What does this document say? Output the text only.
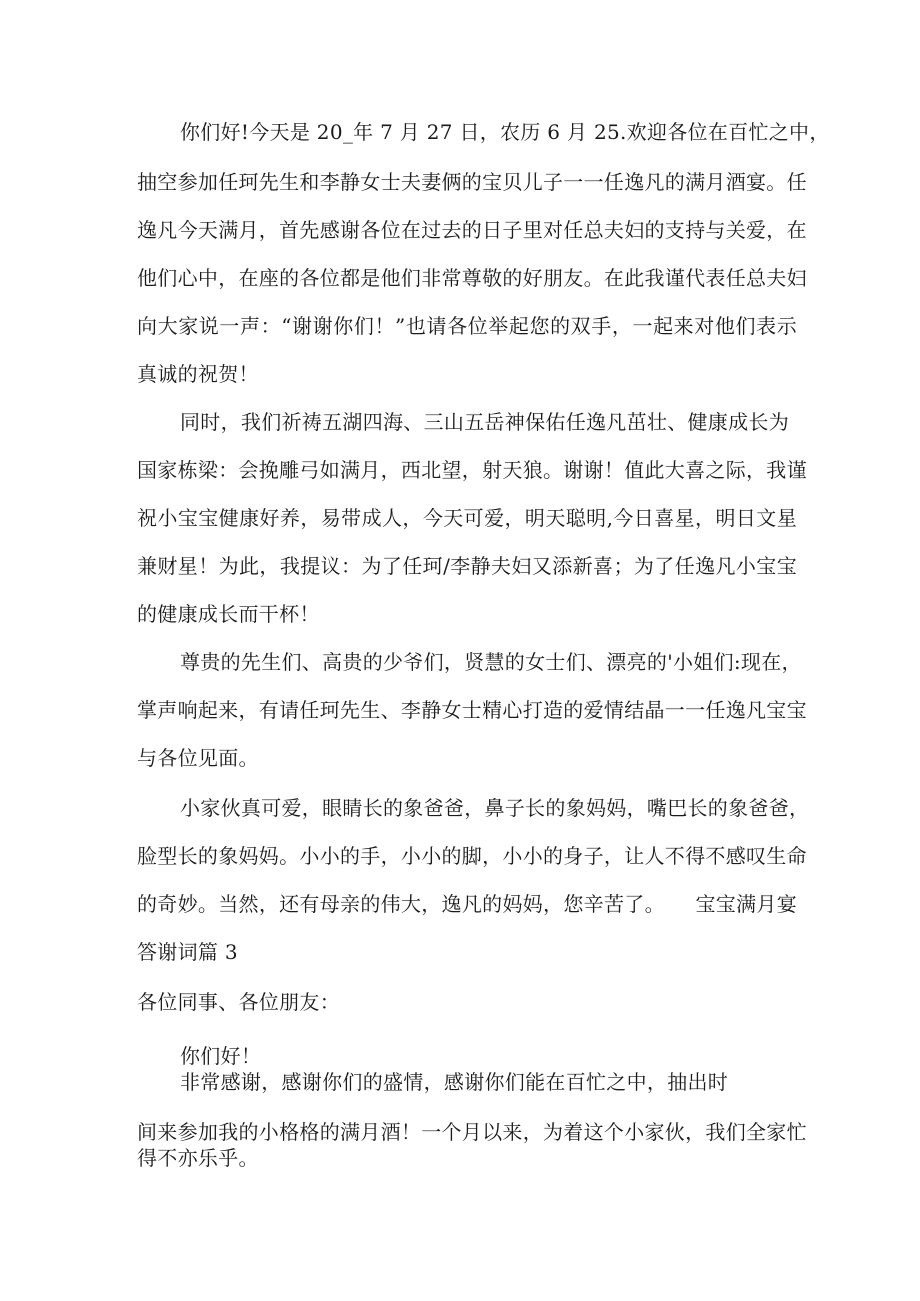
你们好!今天是 20_年 7 月 27 日，农历 6 月 25.欢迎各位在百忙之中，
抽空参加任珂先生和李静女士夫妻俩的宝贝儿子一一任逸凡的满月酒宴。任
逸凡今天满月，首先感谢各位在过去的日子里对任总夫妇的支持与关爱，在
他们心中，在座的各位都是他们非常尊敬的好朋友。在此我谨代表任总夫妇
向大家说一声：“谢谢你们！”也请各位举起您的双手，一起来对他们表示
真诚的祝贺！
同时，我们祈祷五湖四海、三山五岳神保佑任逸凡茁壮、健康成长为
国家栋梁：会挽雕弓如满月，西北望，射天狼。谢谢！值此大喜之际，我谨
祝小宝宝健康好养，易带成人，今天可爱，明天聪明,今日喜星，明日文星
兼财星！为此，我提议：为了任珂/李静夫妇又添新喜；为了任逸凡小宝宝
的健康成长而干杯！
尊贵的先生们、高贵的少爷们，贤慧的女士们、漂亮的'小姐们:现在，
掌声响起来，有请任珂先生、李静女士精心打造的爱情结晶一一任逸凡宝宝
与各位见面。
小家伙真可爱，眼睛长的象爸爸，鼻子长的象妈妈，嘴巴长的象爸爸，
脸型长的象妈妈。小小的手，小小的脚，小小的身子，让人不得不感叹生命
的奇妙。当然，还有母亲的伟大，逸凡的妈妈，您辛苦了。　　宝宝满月宴
答谢词篇 3
各位同事、各位朋友：
你们好！
非常感谢，感谢你们的盛情，感谢你们能在百忙之中，抽出时
间来参加我的小格格的满月酒！一个月以来，为着这个小家伙，我们全家忙
得不亦乐乎。
